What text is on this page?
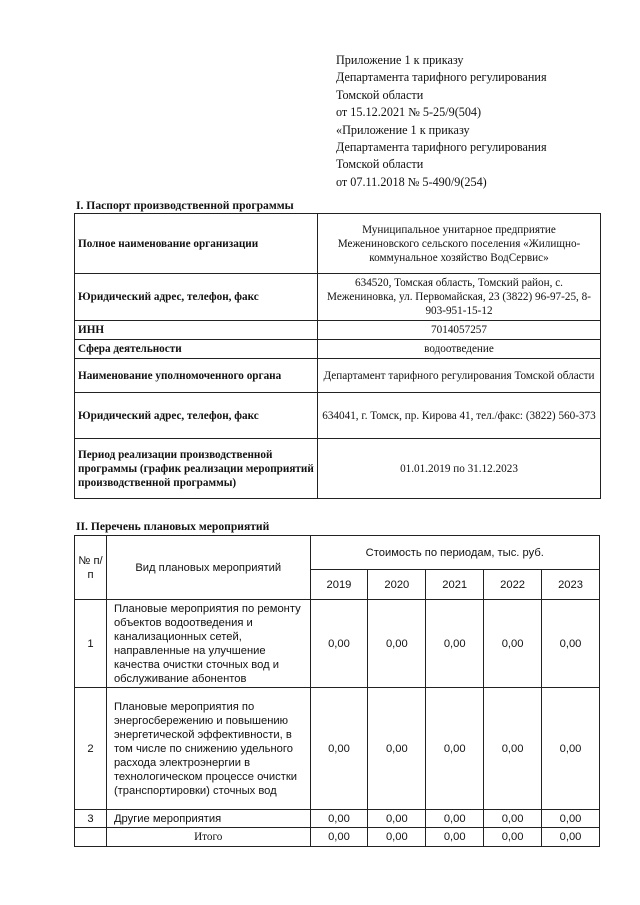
Приложение 1 к приказу
Департамента тарифного регулирования
Томской области
от 15.12.2021 № 5-25/9(504)
«Приложение 1 к приказу
Департамента тарифного регулирования
Томской области
от 07.11.2018 № 5-490/9(254)
I. Паспорт производственной программы
Полное наименование организации	Муниципальное унитарное предприятие Межениновского сельского поселения «Жилищно-коммунальное хозяйство ВодСервис»
Юридический адрес, телефон, факс	634520, Томская область, Томский район, с. Межениновка, ул. Первомайская, 23 (3822) 96-97-25, 8-903-951-15-12
ИНН	7014057257
Сфера деятельности	водоотведение
Наименование уполномоченного органа	Департамент тарифного регулирования Томской области
Юридический адрес, телефон, факс	634041, г. Томск, пр. Кирова 41, тел./факс: (3822) 560-373
Период реализации производственной программы (график реализации мероприятий производственной программы)	01.01.2019 по 31.12.2023
II. Перечень плановых мероприятий
№ п/п	Вид плановых мероприятий	Стоимость по периодам, тыс. руб.				
		2019	2020	2021	2022	2023
1	Плановые мероприятия по ремонту объектов водоотведения и канализационных сетей, направленные на улучшение качества очистки сточных вод и обслуживание абонентов	0,00	0,00	0,00	0,00	0,00
2	Плановые мероприятия по энергосбережению и повышению энергетической эффективности, в том числе по снижению удельного расхода электроэнергии в технологическом процессе очистки (транспортировки) сточных вод	0,00	0,00	0,00	0,00	0,00
3	Другие мероприятия	0,00	0,00	0,00	0,00	0,00
	Итого	0,00	0,00	0,00	0,00	0,00
